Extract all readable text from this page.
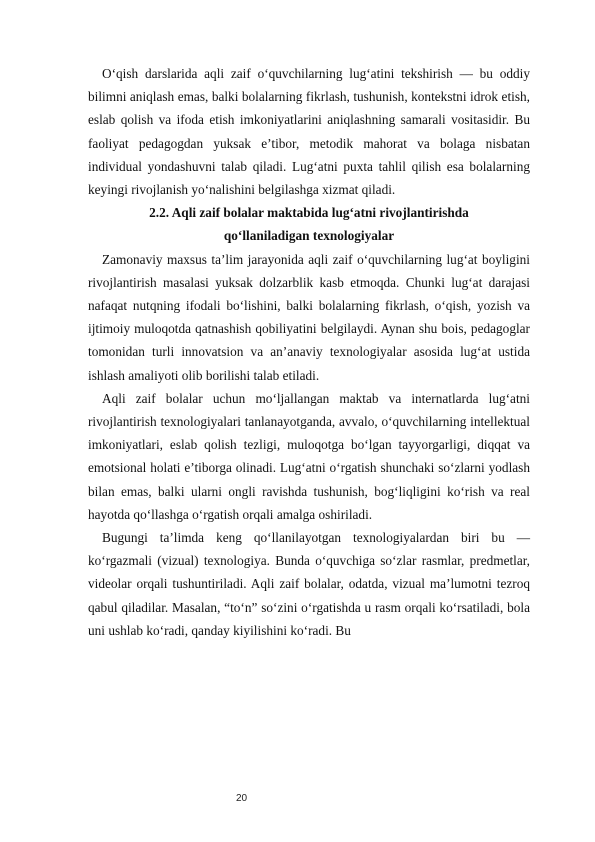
O‘qish darslarida aqli zaif o‘quvchilarning lug‘atini tekshirish — bu oddiy bilimni aniqlash emas, balki bolalarning fikrlash, tushunish, kontekstni idrok etish, eslab qolish va ifoda etish imkoniyatlarini aniqlashning samarali vositasidir. Bu faoliyat pedagogdan yuksak e’tibor, metodik mahorat va bolaga nisbatan individual yondashuvni talab qiladi. Lug‘atni puxta tahlil qilish esa bolalarning keyingi rivojlanish yo‘nalishini belgilashga xizmat qiladi.

2.2. Aqli zaif bolalar maktabida lug‘atni rivojlantirishda

qo‘llaniladigan texnologiyalar

Zamonaviy maxsus ta’lim jarayonida aqli zaif o‘quvchilarning lug‘at boyligini rivojlantirish masalasi yuksak dolzarblik kasb etmoqda. Chunki lug‘at darajasi nafaqat nutqning ifodali bo‘lishini, balki bolalarning fikrlash, o‘qish, yozish va ijtimoiy muloqotda qatnashish qobiliyatini belgilaydi. Aynan shu bois, pedagoglar tomonidan turli innovatsion va an’anaviy texnologiyalar asosida lug‘at ustida ishlash amaliyoti olib borilishi talab etiladi.

Aqli zaif bolalar uchun mo‘ljallangan maktab va internatlarda lug‘atni rivojlantirish texnologiyalari tanlanayotganda, avvalo, o‘quvchilarning intellektual imkoniyatlari, eslab qolish tezligi, muloqotga bo‘lgan tayyorgarligi, diqqat va emotsional holati e’tiborga olinadi. Lug‘atni o‘rgatish shunchaki so‘zlarni yodlash bilan emas, balki ularni ongli ravishda tushunish, bog‘liqligini ko‘rish va real hayotda qo‘llashga o‘rgatish orqali amalga oshiriladi.

Bugungi ta’limda keng qo‘llanilayotgan texnologiyalardan biri bu — ko‘rgazmali (vizual) texnologiya. Bunda o‘quvchiga so‘zlar rasmlar, predmetlar, videolar orqali tushuntiriladi. Aqli zaif bolalar, odatda, vizual ma’lumotni tezroq qabul qiladilar. Masalan, “to‘n” so‘zini o‘rgatishda u rasm orqali ko‘rsatiladi, bola uni ushlab ko‘radi, qanday kiyilishini ko‘radi. Bu

20
